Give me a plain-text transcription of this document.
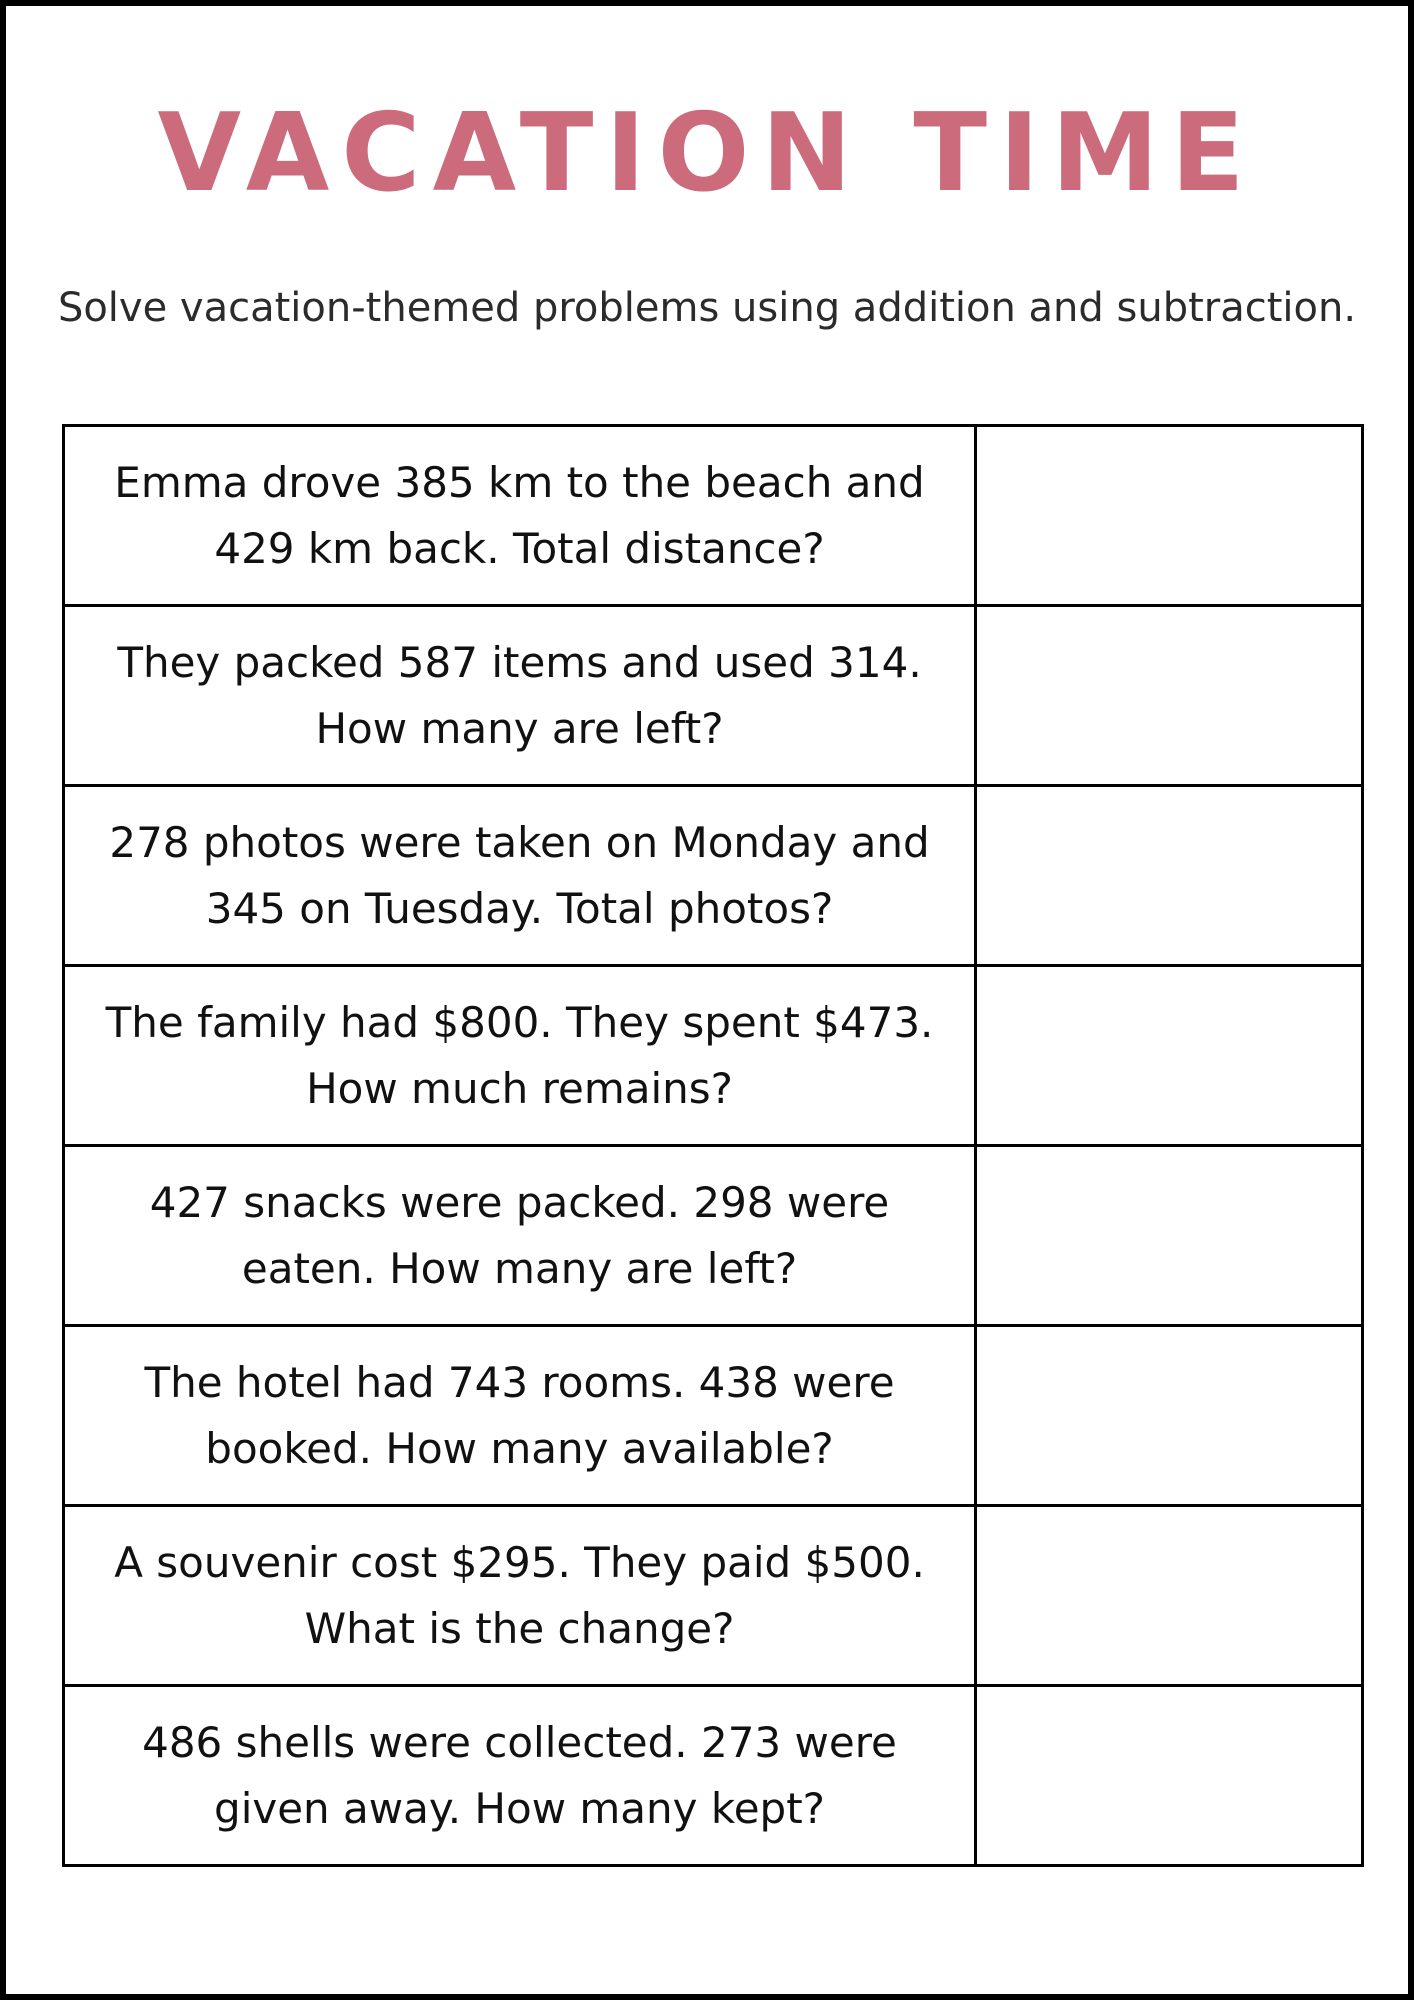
VACATION TIME

Solve vacation-themed problems using addition and subtraction.

Emma drove 385 km to the beach and 429 km back. Total distance?	

They packed 587 items and used 314. How many are left?	

278 photos were taken on Monday and 345 on Tuesday. Total photos?	

The family had $800. They spent $473. How much remains?	

427 snacks were packed. 298 were eaten. How many are left?	

The hotel had 743 rooms. 438 were booked. How many available?	

A souvenir cost $295. They paid $500. What is the change?	

486 shells were collected. 273 were given away. How many kept?	
